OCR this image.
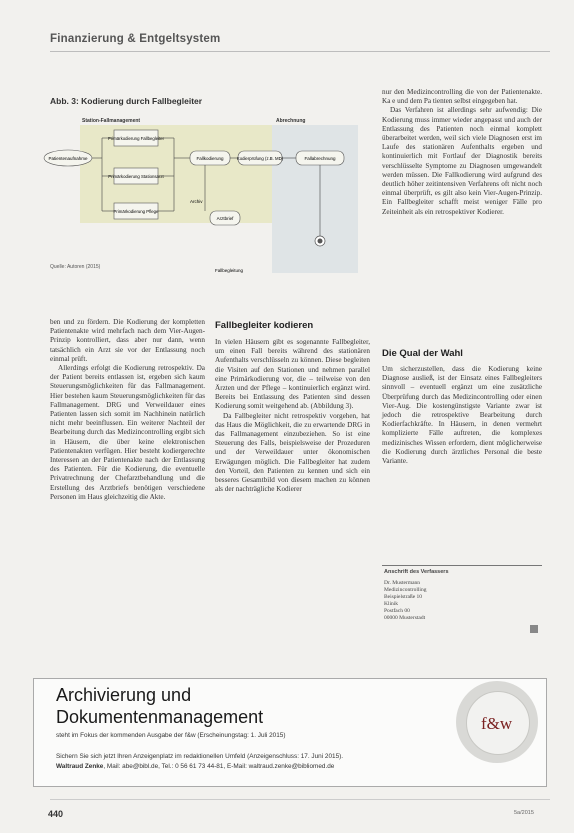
Finanzierung & Entgeltsystem

nur den Medizincontrolling die von der Patientenakte. Ka e und dem Pa tienten selbst eingegeben hat.

Das Verfahren ist allerdings sehr aufwendig: Die Kodierung muss immer wieder angepasst und auch der Entlassung des Patienten noch einmal komplett überarbeitet werden, weil sich viele Diagnosen erst im Laufe des stationären Aufenthalts ergeben und kontinuierlich mit Fortlauf der Diagnostik bereits verschlüsselte Symptome zu Diagnosen umgewandelt werden müssen. Die Fallkodierung wird aufgrund des deutlich höher zeitintensiven Verfahrens oft nicht noch einmal überprüft, es gilt also kein Vier-Augen-Prinzip. Ein Fallbegleiter schafft meist weniger Fälle pro Zeiteinheit als ein retrospektiver Kodierer.

Abb. 3: Kodierung durch Fallbegleiter
Station-Fallmanagement	Abrechnung
Patientenaufnahme
Primärkodierung Fallbegleiter
Primärkodierung Stationsarzt
Primärkodierung Pflege
Fallkodierung	Kodierprüfung (z.B. MD)	Fallabrechnung
Archiv
Arztbrief
Fallbegleitung
Quelle: Autoren (2015)

ben und zu fördern. Die Kodierung der kompletten Patientenakte wird mehrfach nach dem Vier-Augen-Prinzip kontrolliert, dass aber nur dann, wenn tatsächlich ein Arzt sie vor der Entlassung noch einmal prüft.

Allerdings erfolgt die Kodierung retrospektiv. Da der Patient bereits entlassen ist, ergeben sich kaum Steuerungsmöglichkeiten für das Fallmanagement. Hier bestehen kaum Steuerungsmöglichkeiten für das Fallmanagement. DRG und Verweildauer eines Patienten lassen sich somit im Nachhinein natürlich nicht mehr beeinflussen. Ein weiterer Nachteil der Bearbeitung durch das Medizincontrolling ergibt sich in Häusern, die über keine elektronischen Patientenakten verfügen. Hier besteht kodiergerechte Interessen an der Patientenakte nach der Entlassung des Patienten. Für die Kodierung, die eventuelle Privatrechnung der Chefarztbehandlung und die Erstellung des Arztbriefs benötigen verschiedene Personen im Haus gleichzeitig die Akte.

Fallbegleiter kodieren

In vielen Häusern gibt es sogenannte Fallbegleiter, um einen Fall bereits während des stationären Aufenthalts verschlüsseln zu können. Diese begleiten die Visiten auf den Stationen und nehmen parallel eine Primärkodierung vor, die – teilweise von den Ärzten und der Pflege – kontinuierlich ergänzt wird. Bereits bei Entlassung des Patienten sind dessen Kodierung somit weitgehend ab. (Abbildung 3).

Da Fallbegleiter nicht retrospektiv vorgehen, hat das Haus die Möglichkeit, die zu erwartende DRG in das Fallmanagement einzubeziehen. So ist eine Steuerung des Falls, beispielsweise der Prozeduren und der Verweildauer unter ökonomischen Erwägungen möglich. Die Fallbegleiter hat zudem den Vorteil, den Patienten zu kennen und sich ein besseres Gesamtbild von diesem machen zu können als der nachträgliche Kodierer

Die Qual der Wahl

Um sicherzustellen, dass die Kodierung keine Diagnose ausließ, ist der Einsatz eines Fallbegleiters sinnvoll – eventuell ergänzt um eine zusätzliche Überprüfung durch das Medizincontrolling oder einen Vier-Aug. Die kostengünstigste Variante zwar ist jedoch die retrospektive Bearbeitung durch Kodierfachkräfte. In Häusern, in denen vermehrt komplizierte Fälle auftreten, die komplexes medizinisches Wissen erfordern, dient möglicherweise die Kodierung durch ärztliches Personal die beste Variante.

Anschrift des Verfassers
Dr. Mustermann
Medizincontrolling
Beispielstraße 10
Klinik
Postfach 00
00000 Musterstadt
Archivierung und
Dokumentenmanagement
steht im Fokus der kommenden Ausgabe der f&w (Erscheinungstag: 1. Juli 2015)
Sichern Sie sich jetzt Ihren Anzeigenplatz im redaktionellen Umfeld (Anzeigenschluss: 17. Juni 2015).
Waltraud Zenke, Mail: abe@bibl.de, Tel.: 0 56 61 73 44-81, E-Mail: waltraud.zenke@bibliomed.de
f&w
440	5a/2015
